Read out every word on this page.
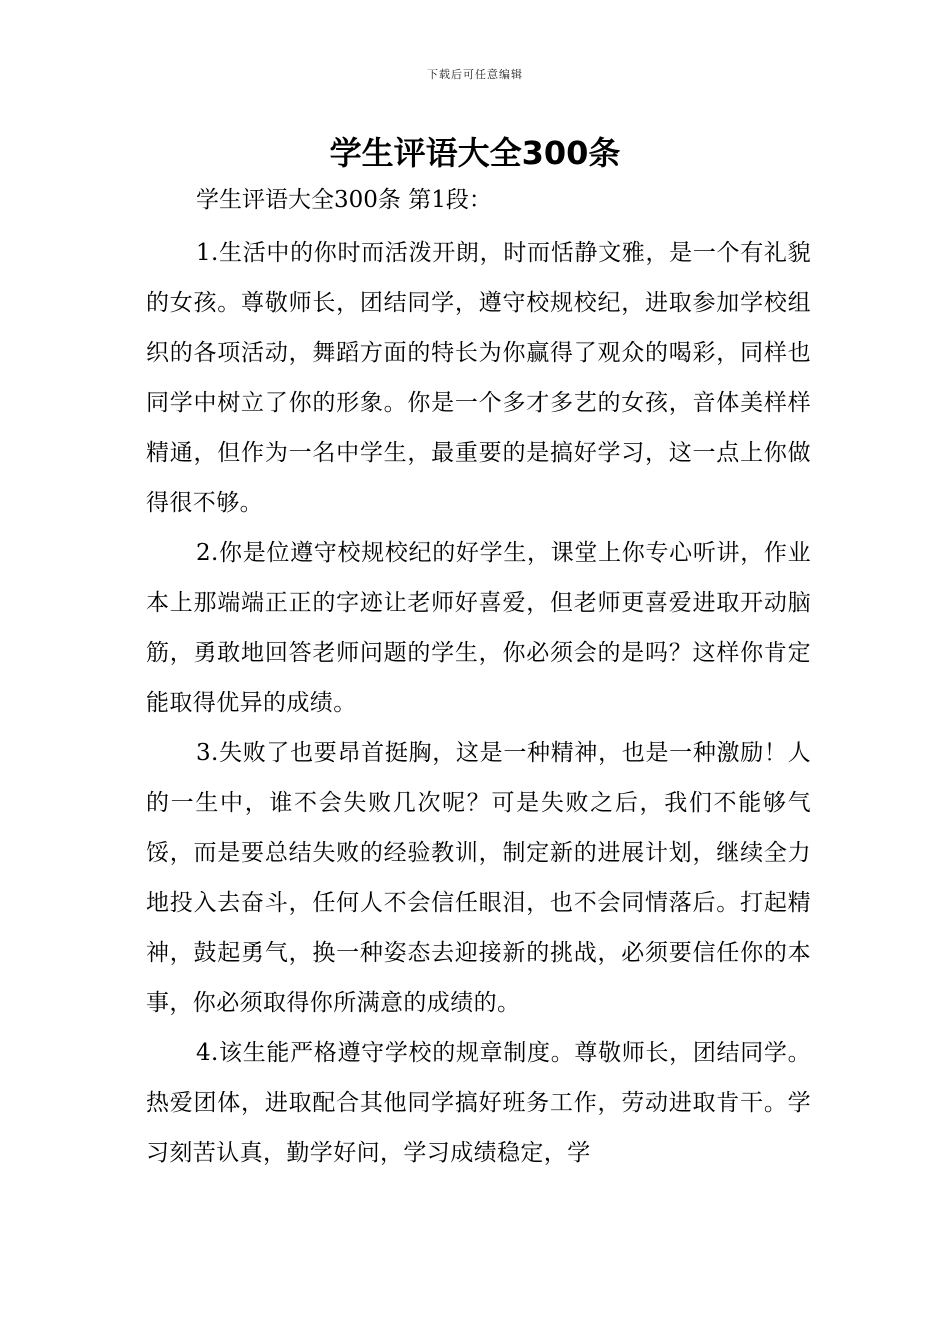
下载后可任意编辑
学生评语大全300条

学生评语大全300条 第1段：

1.生活中的你时而活泼开朗，时而恬静文雅，是一个有礼貌的女孩。尊敬师长，团结同学，遵守校规校纪，进取参加学校组织的各项活动，舞蹈方面的特长为你赢得了观众的喝彩，同样也同学中树立了你的形象。你是一个多才多艺的女孩，音体美样样精通，但作为一名中学生，最重要的是搞好学习，这一点上你做得很不够。

2.你是位遵守校规校纪的好学生，课堂上你专心听讲，作业本上那端端正正的字迹让老师好喜爱，但老师更喜爱进取开动脑筋，勇敢地回答老师问题的学生，你必须会的是吗？这样你肯定能取得优异的成绩。

3.失败了也要昂首挺胸，这是一种精神，也是一种激励！人的一生中，谁不会失败几次呢？可是失败之后，我们不能够气馁，而是要总结失败的经验教训，制定新的进展计划，继续全力地投入去奋斗，任何人不会信任眼泪，也不会同情落后。打起精神，鼓起勇气，换一种姿态去迎接新的挑战，必须要信任你的本事，你必须取得你所满意的成绩的。

4.该生能严格遵守学校的规章制度。尊敬师长，团结同学。热爱团体，进取配合其他同学搞好班务工作，劳动进取肯干。学习刻苦认真，勤学好问，学习成绩稳定，学
